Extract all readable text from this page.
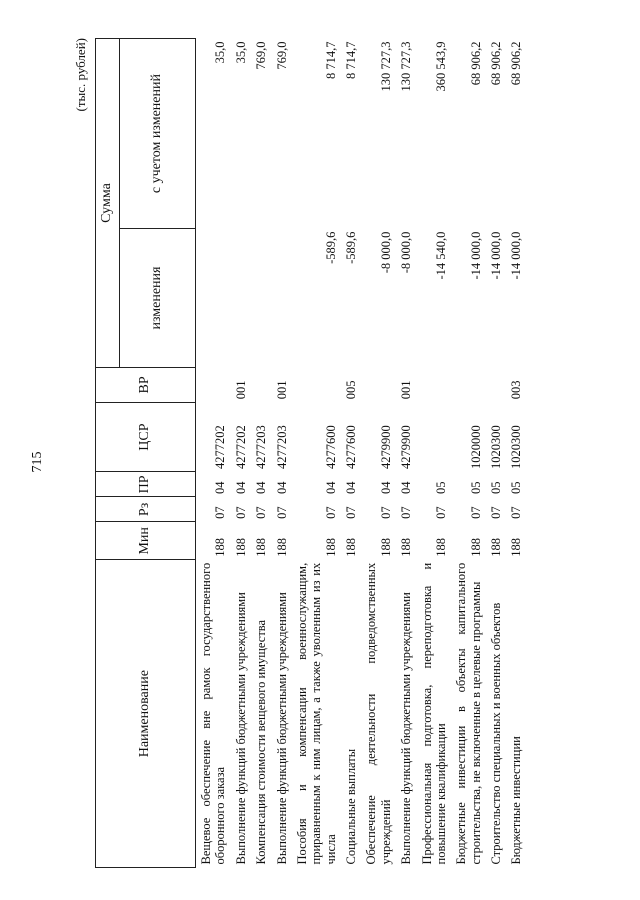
715
(тыс. рублей)
Наименование	Мин	Рз	ПР	ЦСР	ВР	Сумма	
						изменения	с учетом изменений
Вещевое обеспечение вне рамок государственного оборонного заказа	188	07	04	4277202			35,0
Выполнение функций бюджетными учреждениями	188	07	04	4277202	001		35,0
Компенсация стоимости вещевого имущества	188	07	04	4277203			769,0
Выполнение функций бюджетными учреждениями	188	07	04	4277203	001		769,0
Пособия и компенсации военнослужащим, приравненным к ним лицам, а также уволенным из их числа	188	07	04	4277600		-589,6	8 714,7
Социальные выплаты	188	07	04	4277600	005	-589,6	8 714,7
Обеспечение деятельности подведомственных учреждений	188	07	04	4279900		-8 000,0	130 727,3
Выполнение функций бюджетными учреждениями	188	07	04	4279900	001	-8 000,0	130 727,3
Профессиональная подготовка, переподготовка и повышение квалификации	188	07	05			-14 540,0	360 543,9
Бюджетные инвестиции в объекты капитального строительства, не включенные в целевые программы	188	07	05	1020000		-14 000,0	68 906,2
Строительство специальных и военных объектов	188	07	05	1020300		-14 000,0	68 906,2
Бюджетные инвестиции	188	07	05	1020300	003	-14 000,0	68 906,2
